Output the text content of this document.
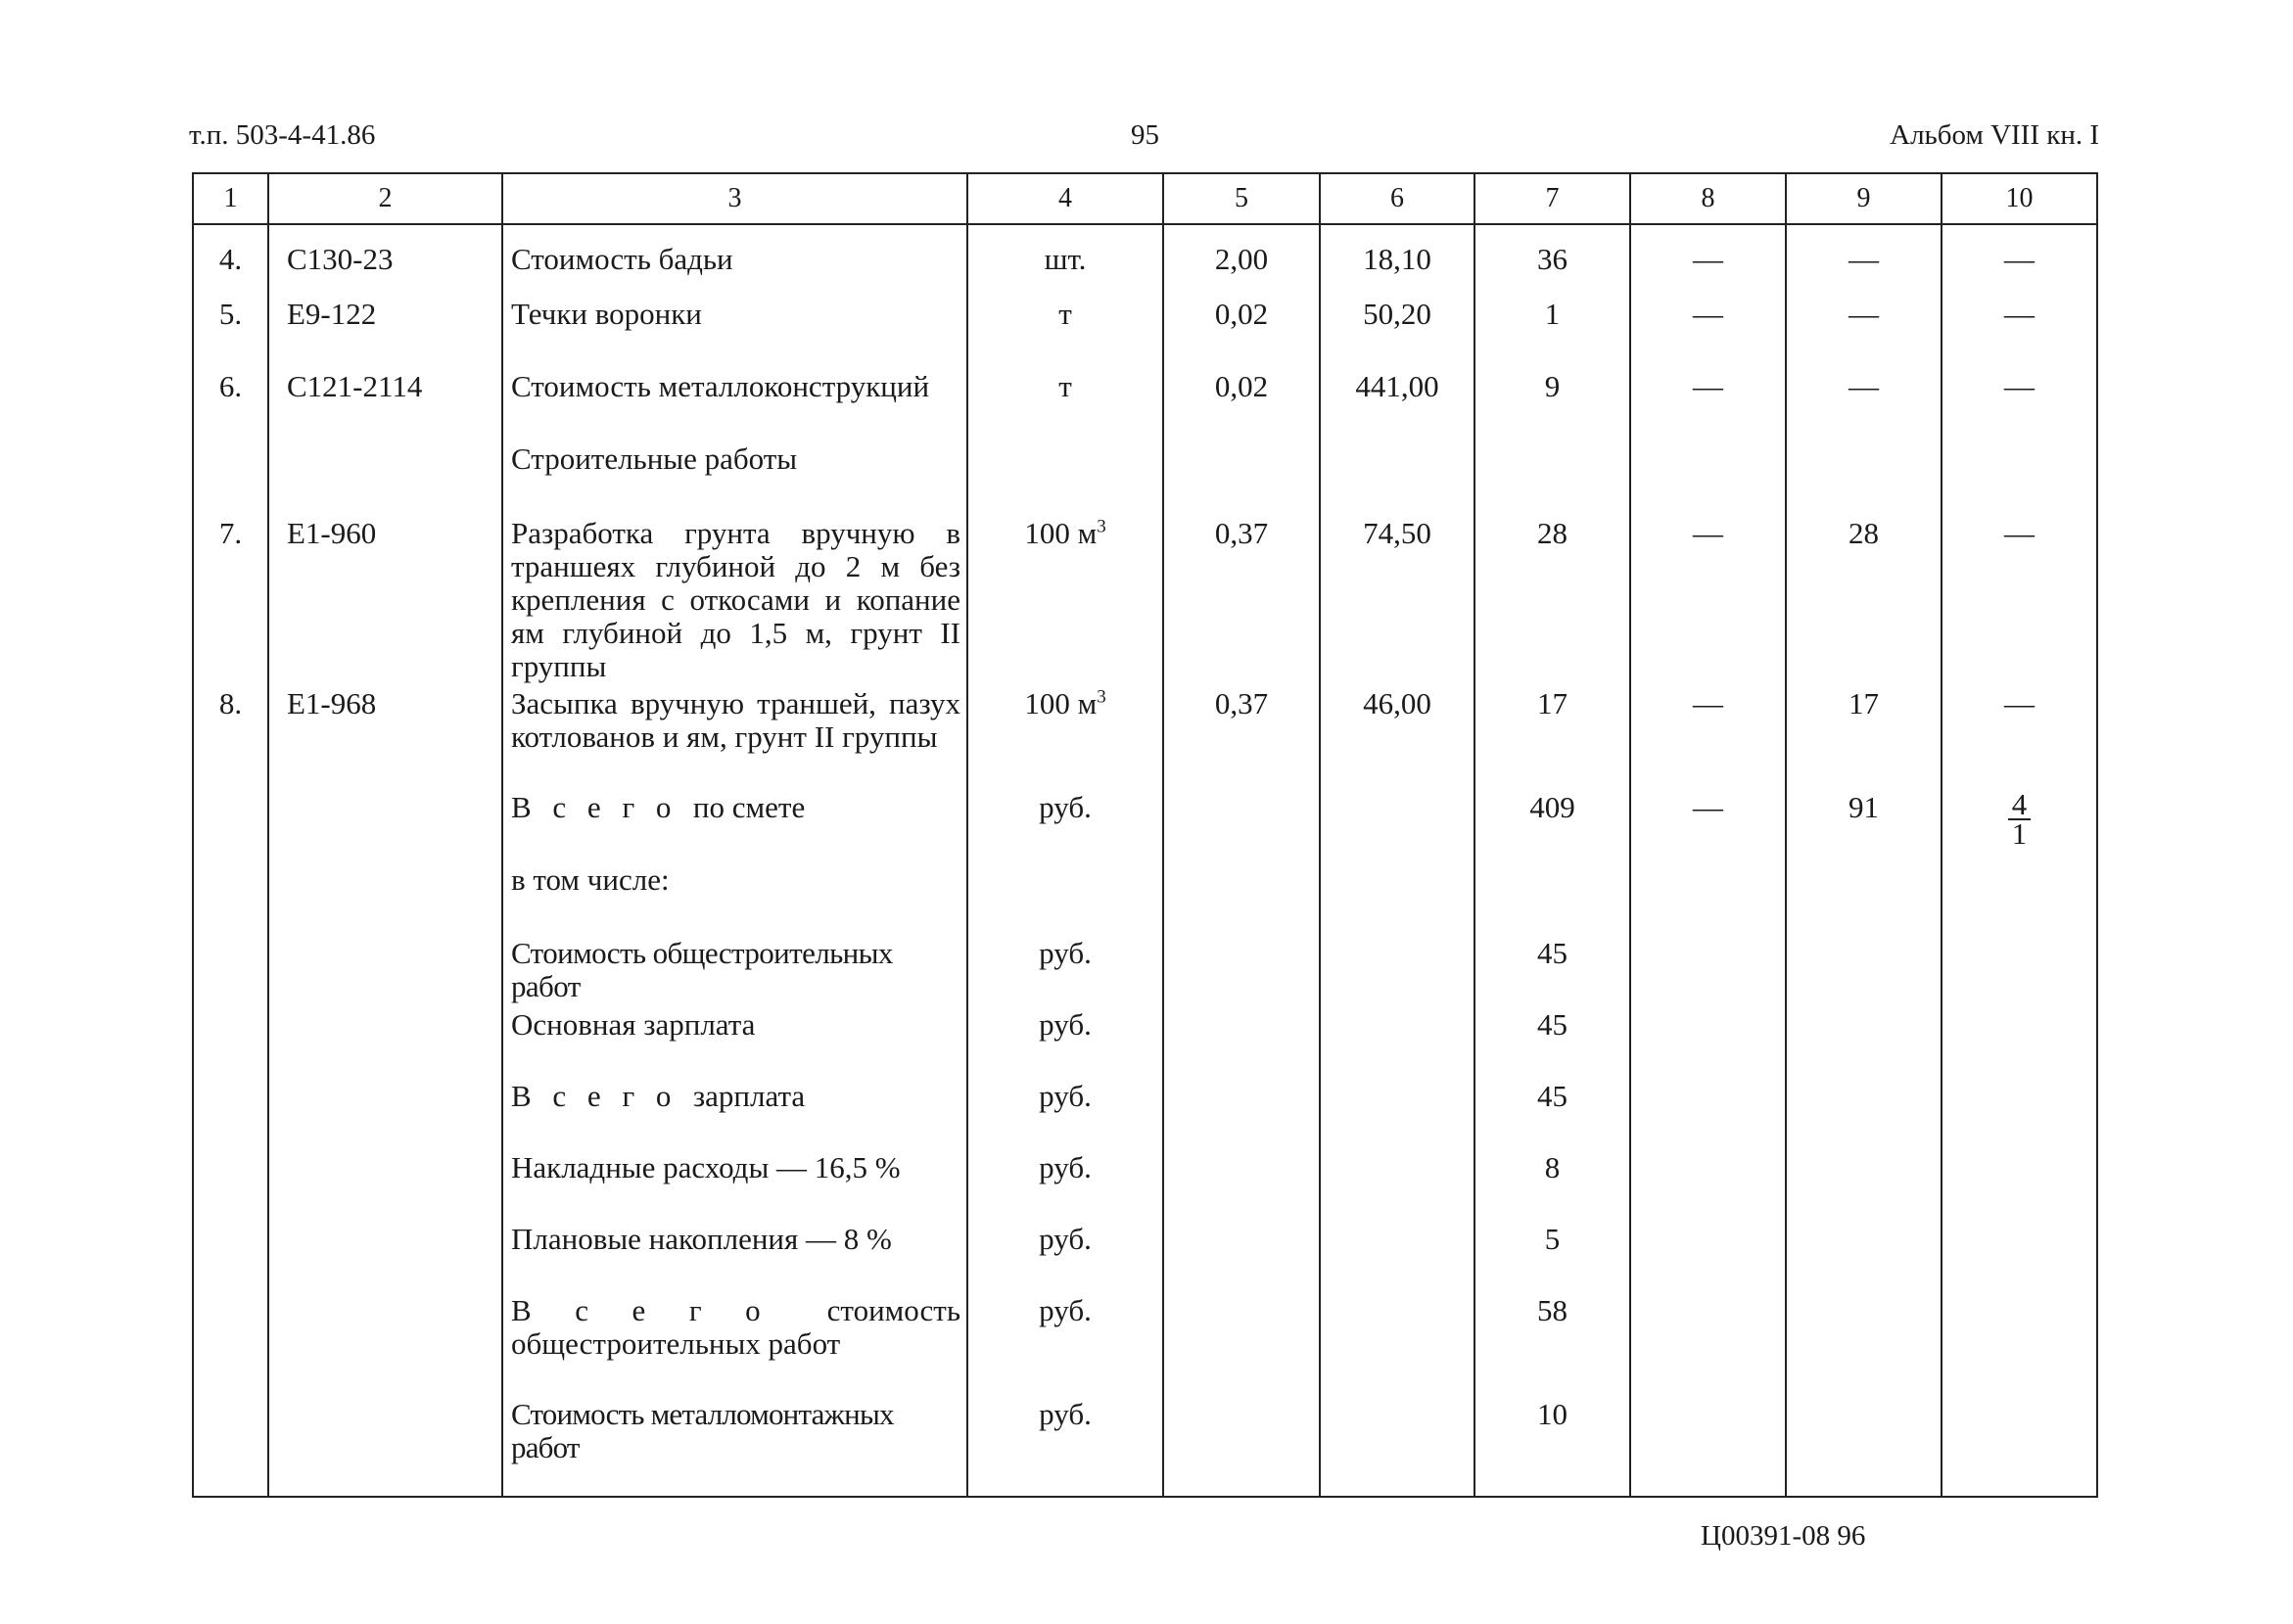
т.п. 503-4-41.86	95	Альбом VIII кн. I
1	2	3	4	5	6	7	8	9	10
4.	С130-23	Стоимость бадьи	шт.	2,00	18,10	36	—	—	—
5.	Е9-122	Течки воронки	т	0,02	50,20	1	—	—	—
6.	С121-2114	Стоимость металлоконструкций	т	0,02	441,00	9	—	—	—
		Строительные работы							
7.	Е1-960	Разработка грунта вручную в траншеях глубиной до 2 м без крепления с откосами и копание ям глубиной до 1,5 м, грунт II группы	100 $м^3$	0,37	74,50	28	—	28	—
8.	Е1-968	Засыпка вручную траншей, пазух котлованов и ям, грунт II группы	100 $м^3$	0,37	46,00	17	—	17	—
		В с е г о по смете	руб.			409	—	91	$\frac{4}{1}$

		в том числе:							
		Стоимость общестроительных работ	руб.			45			
		Основная зарплата	руб.			45			
		В с е г о зарплата	руб.			45			
		Накладные расходы — 16,5 %	руб.			8			
		Плановые накопления — 8 %	руб.			5			
		В с е г о стоимость общестроительных работ	руб.			58			
		Стоимость металломонтажных работ	руб.			10			
Ц00391-08 96
